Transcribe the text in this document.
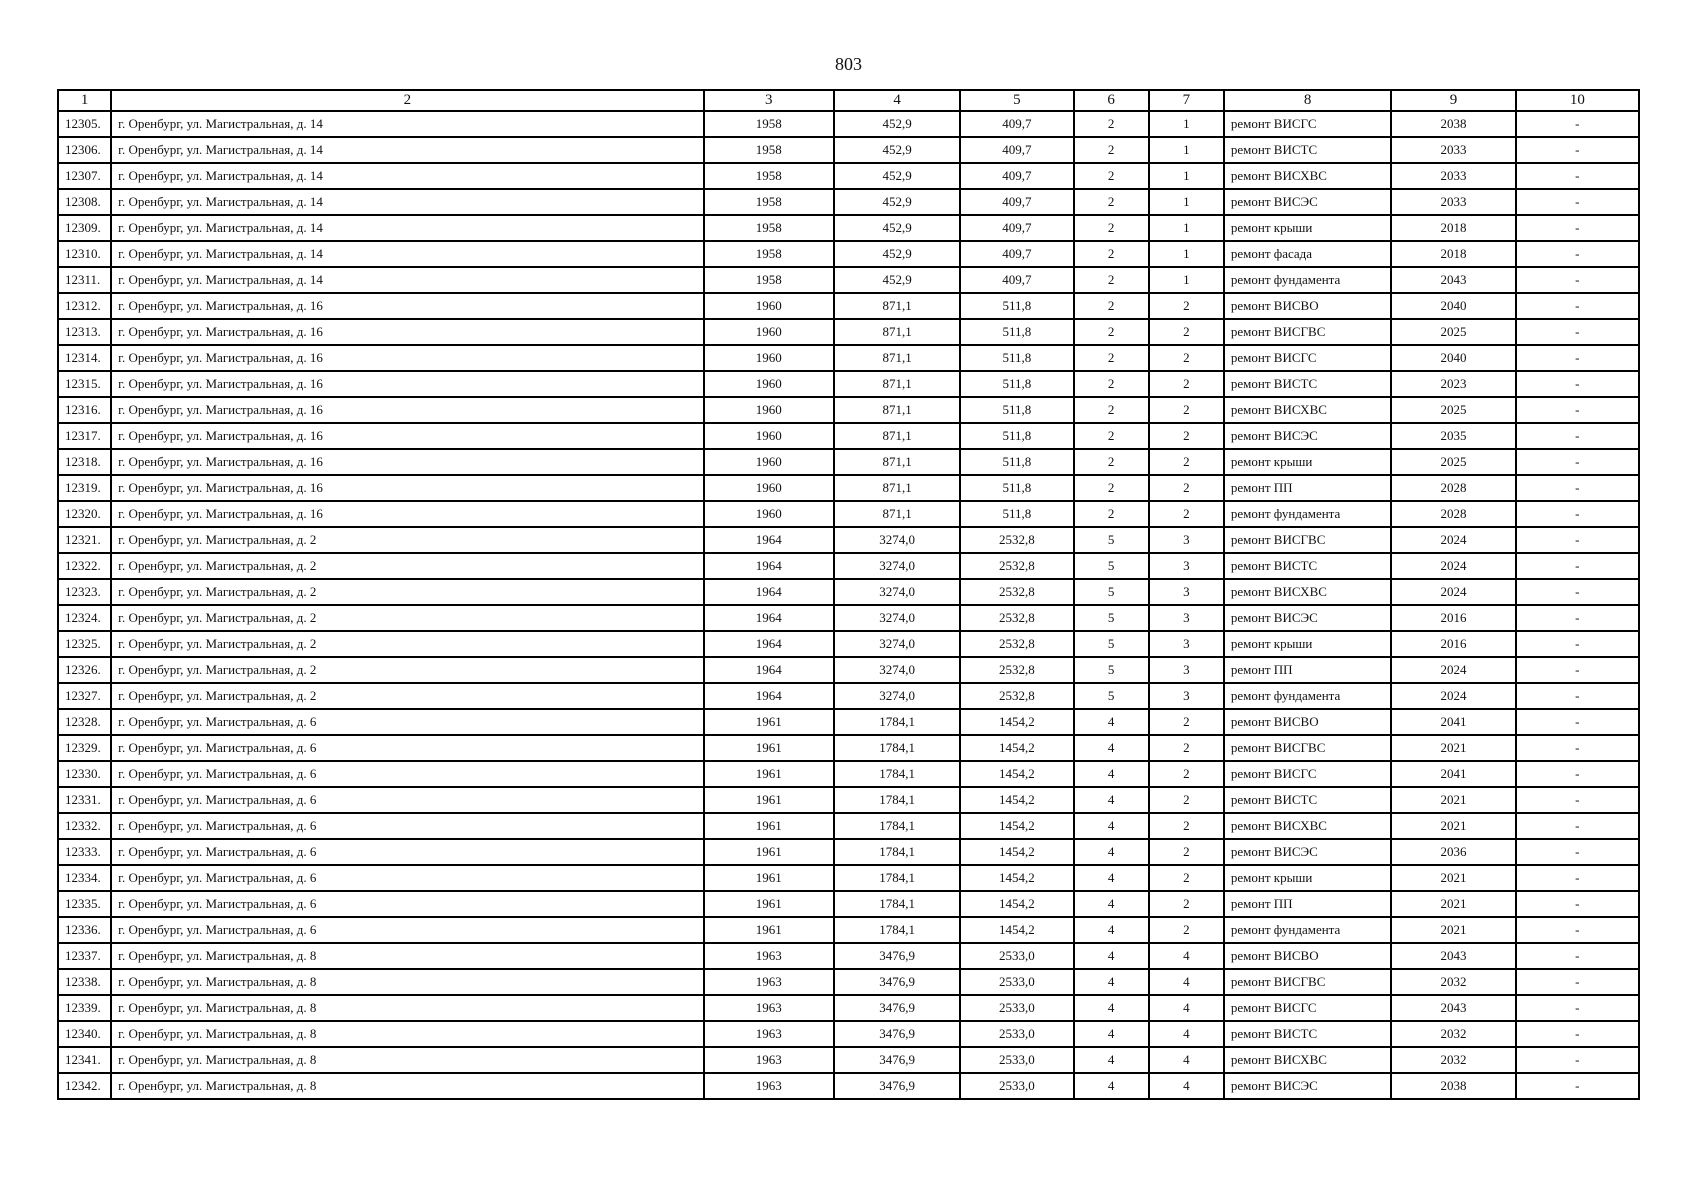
803
1	2	3	4	5	6	7	8	9	10
12305.	г. Оренбург, ул. Магистральная, д. 14	1958	452,9	409,7	2	1	ремонт ВИСГС	2038	-
12306.	г. Оренбург, ул. Магистральная, д. 14	1958	452,9	409,7	2	1	ремонт ВИСТС	2033	-
12307.	г. Оренбург, ул. Магистральная, д. 14	1958	452,9	409,7	2	1	ремонт ВИСХВС	2033	-
12308.	г. Оренбург, ул. Магистральная, д. 14	1958	452,9	409,7	2	1	ремонт ВИСЭС	2033	-
12309.	г. Оренбург, ул. Магистральная, д. 14	1958	452,9	409,7	2	1	ремонт крыши	2018	-
12310.	г. Оренбург, ул. Магистральная, д. 14	1958	452,9	409,7	2	1	ремонт фасада	2018	-
12311.	г. Оренбург, ул. Магистральная, д. 14	1958	452,9	409,7	2	1	ремонт фундамента	2043	-
12312.	г. Оренбург, ул. Магистральная, д. 16	1960	871,1	511,8	2	2	ремонт ВИСВО	2040	-
12313.	г. Оренбург, ул. Магистральная, д. 16	1960	871,1	511,8	2	2	ремонт ВИСГВС	2025	-
12314.	г. Оренбург, ул. Магистральная, д. 16	1960	871,1	511,8	2	2	ремонт ВИСГС	2040	-
12315.	г. Оренбург, ул. Магистральная, д. 16	1960	871,1	511,8	2	2	ремонт ВИСТС	2023	-
12316.	г. Оренбург, ул. Магистральная, д. 16	1960	871,1	511,8	2	2	ремонт ВИСХВС	2025	-
12317.	г. Оренбург, ул. Магистральная, д. 16	1960	871,1	511,8	2	2	ремонт ВИСЭС	2035	-
12318.	г. Оренбург, ул. Магистральная, д. 16	1960	871,1	511,8	2	2	ремонт крыши	2025	-
12319.	г. Оренбург, ул. Магистральная, д. 16	1960	871,1	511,8	2	2	ремонт ПП	2028	-
12320.	г. Оренбург, ул. Магистральная, д. 16	1960	871,1	511,8	2	2	ремонт фундамента	2028	-
12321.	г. Оренбург, ул. Магистральная, д. 2	1964	3274,0	2532,8	5	3	ремонт ВИСГВС	2024	-
12322.	г. Оренбург, ул. Магистральная, д. 2	1964	3274,0	2532,8	5	3	ремонт ВИСТС	2024	-
12323.	г. Оренбург, ул. Магистральная, д. 2	1964	3274,0	2532,8	5	3	ремонт ВИСХВС	2024	-
12324.	г. Оренбург, ул. Магистральная, д. 2	1964	3274,0	2532,8	5	3	ремонт ВИСЭС	2016	-
12325.	г. Оренбург, ул. Магистральная, д. 2	1964	3274,0	2532,8	5	3	ремонт крыши	2016	-
12326.	г. Оренбург, ул. Магистральная, д. 2	1964	3274,0	2532,8	5	3	ремонт ПП	2024	-
12327.	г. Оренбург, ул. Магистральная, д. 2	1964	3274,0	2532,8	5	3	ремонт фундамента	2024	-
12328.	г. Оренбург, ул. Магистральная, д. 6	1961	1784,1	1454,2	4	2	ремонт ВИСВО	2041	-
12329.	г. Оренбург, ул. Магистральная, д. 6	1961	1784,1	1454,2	4	2	ремонт ВИСГВС	2021	-
12330.	г. Оренбург, ул. Магистральная, д. 6	1961	1784,1	1454,2	4	2	ремонт ВИСГС	2041	-
12331.	г. Оренбург, ул. Магистральная, д. 6	1961	1784,1	1454,2	4	2	ремонт ВИСТС	2021	-
12332.	г. Оренбург, ул. Магистральная, д. 6	1961	1784,1	1454,2	4	2	ремонт ВИСХВС	2021	-
12333.	г. Оренбург, ул. Магистральная, д. 6	1961	1784,1	1454,2	4	2	ремонт ВИСЭС	2036	-
12334.	г. Оренбург, ул. Магистральная, д. 6	1961	1784,1	1454,2	4	2	ремонт крыши	2021	-
12335.	г. Оренбург, ул. Магистральная, д. 6	1961	1784,1	1454,2	4	2	ремонт ПП	2021	-
12336.	г. Оренбург, ул. Магистральная, д. 6	1961	1784,1	1454,2	4	2	ремонт фундамента	2021	-
12337.	г. Оренбург, ул. Магистральная, д. 8	1963	3476,9	2533,0	4	4	ремонт ВИСВО	2043	-
12338.	г. Оренбург, ул. Магистральная, д. 8	1963	3476,9	2533,0	4	4	ремонт ВИСГВС	2032	-
12339.	г. Оренбург, ул. Магистральная, д. 8	1963	3476,9	2533,0	4	4	ремонт ВИСГС	2043	-
12340.	г. Оренбург, ул. Магистральная, д. 8	1963	3476,9	2533,0	4	4	ремонт ВИСТС	2032	-
12341.	г. Оренбург, ул. Магистральная, д. 8	1963	3476,9	2533,0	4	4	ремонт ВИСХВС	2032	-
12342.	г. Оренбург, ул. Магистральная, д. 8	1963	3476,9	2533,0	4	4	ремонт ВИСЭС	2038	-
